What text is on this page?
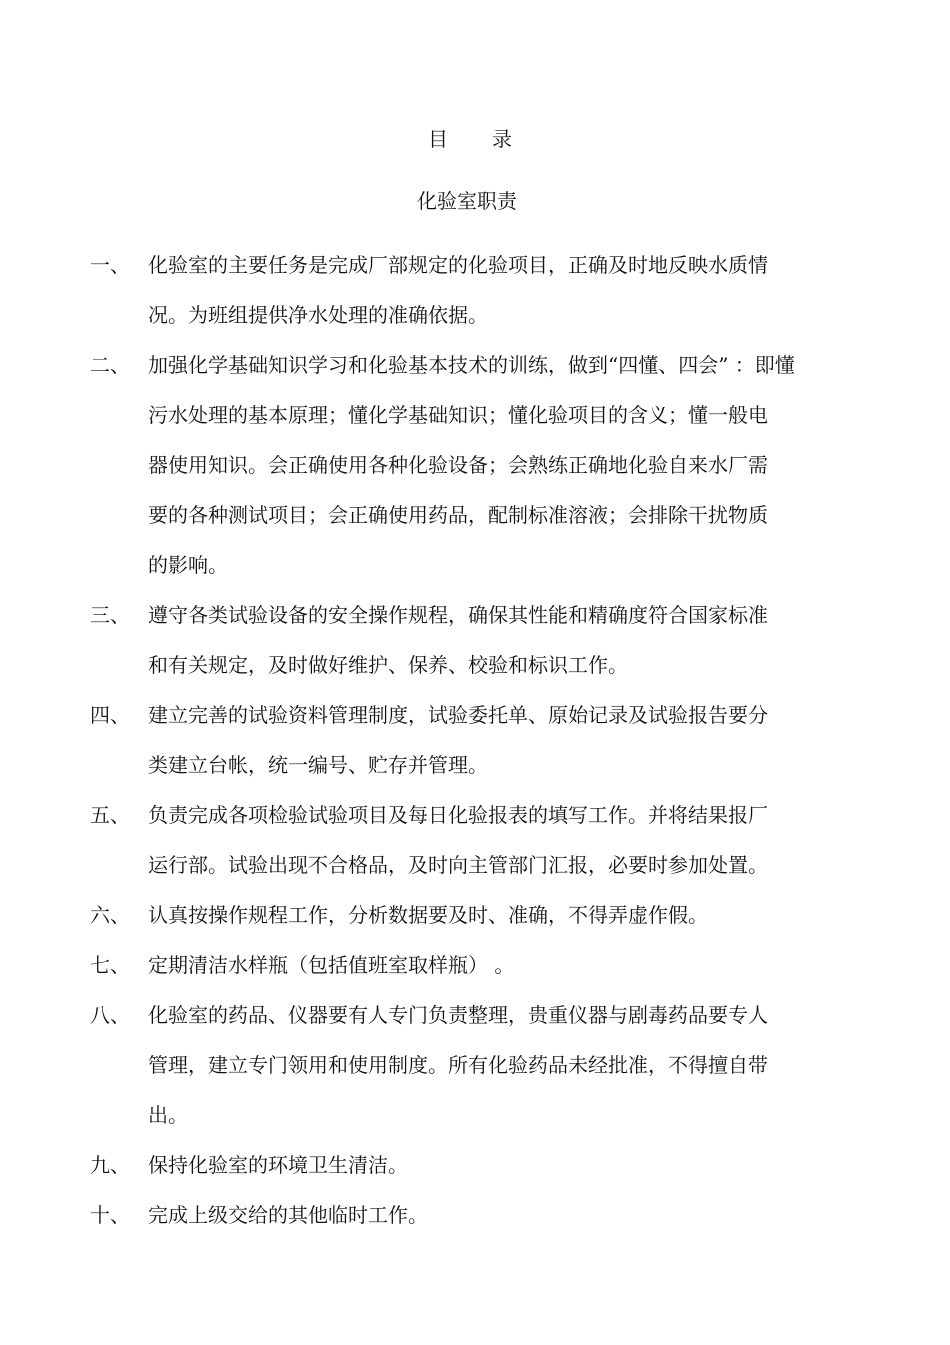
目 录
化验室职责
一、 化验室的主要任务是完成厂部规定的化验项目，正确及时地反映水质情
况。为班组提供净水处理的准确依据。
二、 加强化学基础知识学习和化验基本技术的训练，做到“四懂、四会” ：即懂
污水处理的基本原理；懂化学基础知识；懂化验项目的含义；懂一般电
器使用知识。会正确使用各种化验设备；会熟练正确地化验自来水厂需
要的各种测试项目；会正确使用药品，配制标准溶液；会排除干扰物质
的影响。
三、 遵守各类试验设备的安全操作规程，确保其性能和精确度符合国家标准
和有关规定，及时做好维护、保养、校验和标识工作。
四、 建立完善的试验资料管理制度，试验委托单、原始记录及试验报告要分
类建立台帐，统一编号、贮存并管理。
五、 负责完成各项检验试验项目及每日化验报表的填写工作。并将结果报厂
运行部。试验出现不合格品，及时向主管部门汇报，必要时参加处置。
六、 认真按操作规程工作，分析数据要及时、准确，不得弄虚作假。
七、 定期清洁水样瓶（包括值班室取样瓶） 。
八、 化验室的药品、仪器要有人专门负责整理，贵重仪器与剧毒药品要专人
管理，建立专门领用和使用制度。所有化验药品未经批准，不得擅自带
出。
九、 保持化验室的环境卫生清洁。
十、 完成上级交给的其他临时工作。
